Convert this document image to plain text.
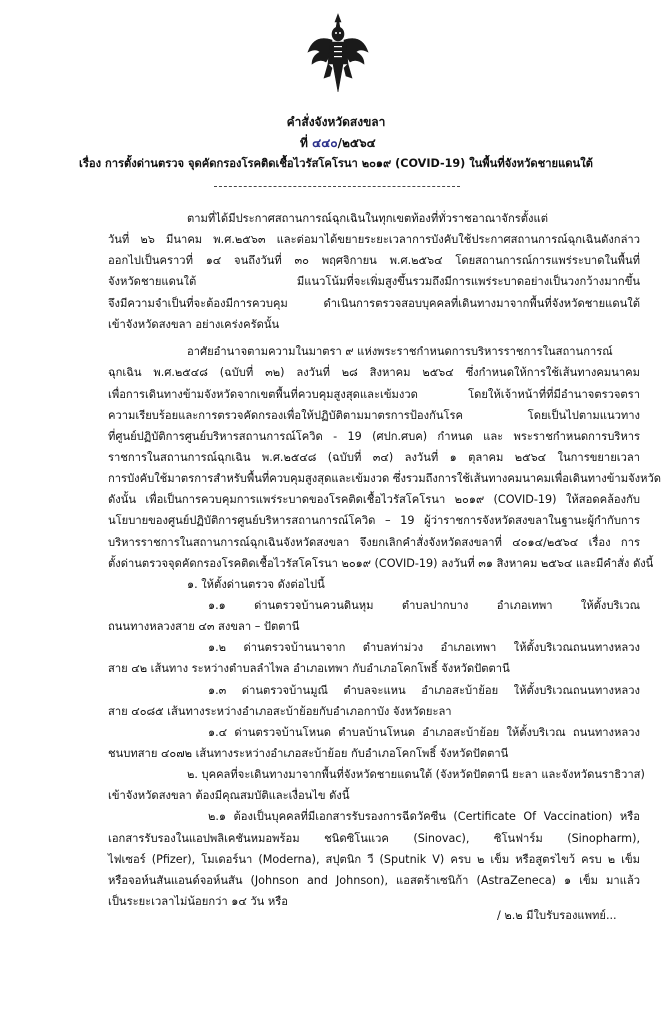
คำสั่งจังหวัดสงขลา
ที่ ๔๔๐/๒๕๖๔
เรื่อง การตั้งด่านตรวจ จุดคัดกรองโรคติดเชื้อไวรัสโคโรนา ๒๐๑๙ (COVID-19) ในพื้นที่จังหวัดชายแดนใต้
ตามที่ได้มีประกาศสถานการณ์ฉุกเฉินในทุกเขตท้องที่ทั่วราชอาณาจักรตั้งแต่
วันที่ ๒๖ มีนาคม พ.ศ.๒๕๖๓ และต่อมาได้ขยายระยะเวลาการบังคับใช้ประกาศสถานการณ์ฉุกเฉินดังกล่าว
ออกไปเป็นคราวที่ ๑๔ จนถึงวันที่ ๓๐ พฤศจิกายน พ.ศ.๒๕๖๔ โดยสถานการณ์การแพร่ระบาดในพื้นที่
จังหวัดชายแดนใต้ มีแนวโน้มที่จะเพิ่มสูงขึ้นรวมถึงมีการแพร่ระบาดอย่างเป็นวงกว้างมากขึ้น
จึงมีความจำเป็นที่จะต้องมีการควบคุม ดำเนินการตรวจสอบบุคคลที่เดินทางมาจากพื้นที่จังหวัดชายแดนใต้
เข้าจังหวัดสงขลา อย่างเคร่งครัดนั้น
อาศัยอำนาจตามความในมาตรา ๙ แห่งพระราชกำหนดการบริหารราชการในสถานการณ์
ฉุกเฉิน พ.ศ.๒๕๔๘ (ฉบับที่ ๓๒) ลงวันที่ ๒๘ สิงหาคม ๒๕๖๔ ซึ่งกำหนดให้การใช้เส้นทางคมนาคม
เพื่อการเดินทางข้ามจังหวัดจากเขตพื้นที่ควบคุมสูงสุดและเข้มงวด โดยให้เจ้าหน้าที่ที่มีอำนาจตรวจตรา
ความเรียบร้อยและการตรวจคัดกรองเพื่อให้ปฏิบัติตามมาตรการป้องกันโรค โดยเป็นไปตามแนวทาง
ที่ศูนย์ปฏิบัติการศูนย์บริหารสถานการณ์โควิด - 19 (ศปก.ศบค) กำหนด และ พระราชกำหนดการบริหาร
ราชการในสถานการณ์ฉุกเฉิน พ.ศ.๒๕๔๘ (ฉบับที่ ๓๔) ลงวันที่ ๑ ตุลาคม ๒๕๖๔ ในการขยายเวลา
การบังคับใช้มาตรการสำหรับพื้นที่ควบคุมสูงสุดและเข้มงวด ซึ่งรวมถึงการใช้เส้นทางคมนาคมเพื่อเดินทางข้ามจังหวัด
ดังนั้น เพื่อเป็นการควบคุมการแพร่ระบาดของโรคติดเชื้อไวรัสโคโรนา ๒๐๑๙ (COVID-19) ให้สอดคล้องกับ
นโยบายของศูนย์ปฏิบัติการศูนย์บริหารสถานการณ์โควิด – 19 ผู้ว่าราชการจังหวัดสงขลาในฐานะผู้กำกับการ
บริหารราชการในสถานการณ์ฉุกเฉินจังหวัดสงขลา จึงยกเลิกคำสั่งจังหวัดสงขลาที่ ๔๐๑๔/๒๕๖๔ เรื่อง การ
ตั้งด่านตรวจจุดคัดกรองโรคติดเชื้อไวรัสโคโรนา ๒๐๑๙ (COVID-19) ลงวันที่ ๓๑ สิงหาคม ๒๕๖๔ และมีคำสั่ง ดังนี้
๑. ให้ตั้งด่านตรวจ ดังต่อไปนี้
๑.๑ ด่านตรวจบ้านควนดินหุม ตำบลปากบาง อำเภอเทพา ให้ตั้งบริเวณ
ถนนทางหลวงสาย ๔๓ สงขลา – ปัตตานี
๑.๒ ด่านตรวจบ้านนาจาก ตำบลท่าม่วง อำเภอเทพา ให้ตั้งบริเวณถนนทางหลวง
สาย ๔๒ เส้นทาง ระหว่างตำบลลำไพล อำเภอเทพา กับอำเภอโคกโพธิ์ จังหวัดปัตตานี
๑.๓ ด่านตรวจบ้านมูณี ตำบลจะแหน อำเภอสะบ้าย้อย ให้ตั้งบริเวณถนนทางหลวง
สาย ๔๐๘๕ เส้นทางระหว่างอำเภอสะบ้าย้อยกับอำเภอกาบัง จังหวัดยะลา
๑.๔ ด่านตรวจบ้านโหนด ตำบลบ้านโหนด อำเภอสะบ้าย้อย ให้ตั้งบริเวณ ถนนทางหลวง
ชนบทสาย ๔๐๗๒ เส้นทางระหว่างอำเภอสะบ้าย้อย กับอำเภอโคกโพธิ์ จังหวัดปัตตานี
๒. บุคคลที่จะเดินทางมาจากพื้นที่จังหวัดชายแดนใต้ (จังหวัดปัตตานี ยะลา และจังหวัดนราธิวาส)
เข้าจังหวัดสงขลา ต้องมีคุณสมบัติและเงื่อนไข ดังนี้
๒.๑ ต้องเป็นบุคคลที่มีเอกสารรับรองการฉีดวัคซีน (Certificate Of Vaccination) หรือ
เอกสารรับรองในแอปพลิเคชันหมอพร้อม ชนิดซิโนแวค (Sinovac), ซิโนฟาร์ม (Sinopharm),
ไฟเซอร์ (Pfizer), โมเดอร์นา (Moderna), สปุตนิก วี (Sputnik V) ครบ ๒ เข็ม หรือสูตรไขว้ ครบ ๒ เข็ม
หรือจอห์นสันแอนด์จอห์นสัน (Johnson and Johnson), แอสตร้าเซนิก้า (AstraZeneca) ๑ เข็ม มาแล้ว
เป็นระยะเวลาไม่น้อยกว่า ๑๔ วัน หรือ
/ ๒.๒ มีใบรับรองแพทย์...
